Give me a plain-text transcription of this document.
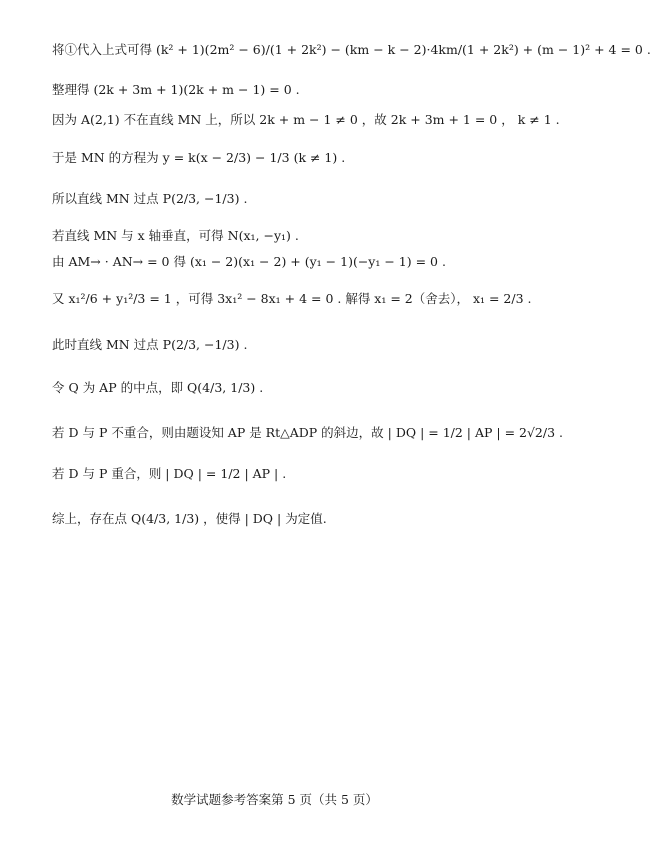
将①代入上式可得 (k² + 1)(2m² − 6)/(1 + 2k²) − (km − k − 2)·4km/(1 + 2k²) + (m − 1)² + 4 = 0 .
整理得 (2k + 3m + 1)(2k + m − 1) = 0 .
因为 A(2,1) 不在直线 MN 上，所以 2k + m − 1 ≠ 0 ，故 2k + 3m + 1 = 0 ， k ≠ 1 .
于是 MN 的方程为 y = k(x − 2/3) − 1/3 (k ≠ 1) .
所以直线 MN 过点 P(2/3, −1/3) .
若直线 MN 与 x 轴垂直，可得 N(x₁, −y₁) .
由 AM→ · AN→ = 0 得 (x₁ − 2)(x₁ − 2) + (y₁ − 1)(−y₁ − 1) = 0 .
又 x₁²/6 + y₁²/3 = 1 ，可得 3x₁² − 8x₁ + 4 = 0 . 解得 x₁ = 2（舍去）， x₁ = 2/3 .
此时直线 MN 过点 P(2/3, −1/3) .
令 Q 为 AP 的中点，即 Q(4/3, 1/3) .
若 D 与 P 不重合，则由题设知 AP 是 Rt△ADP 的斜边，故 | DQ | = 1/2 | AP | = 2√2/3 .
若 D 与 P 重合，则 | DQ | = 1/2 | AP | .
综上，存在点 Q(4/3, 1/3) ，使得 | DQ | 为定值.
数学试题参考答案第 5 页（共 5 页）
